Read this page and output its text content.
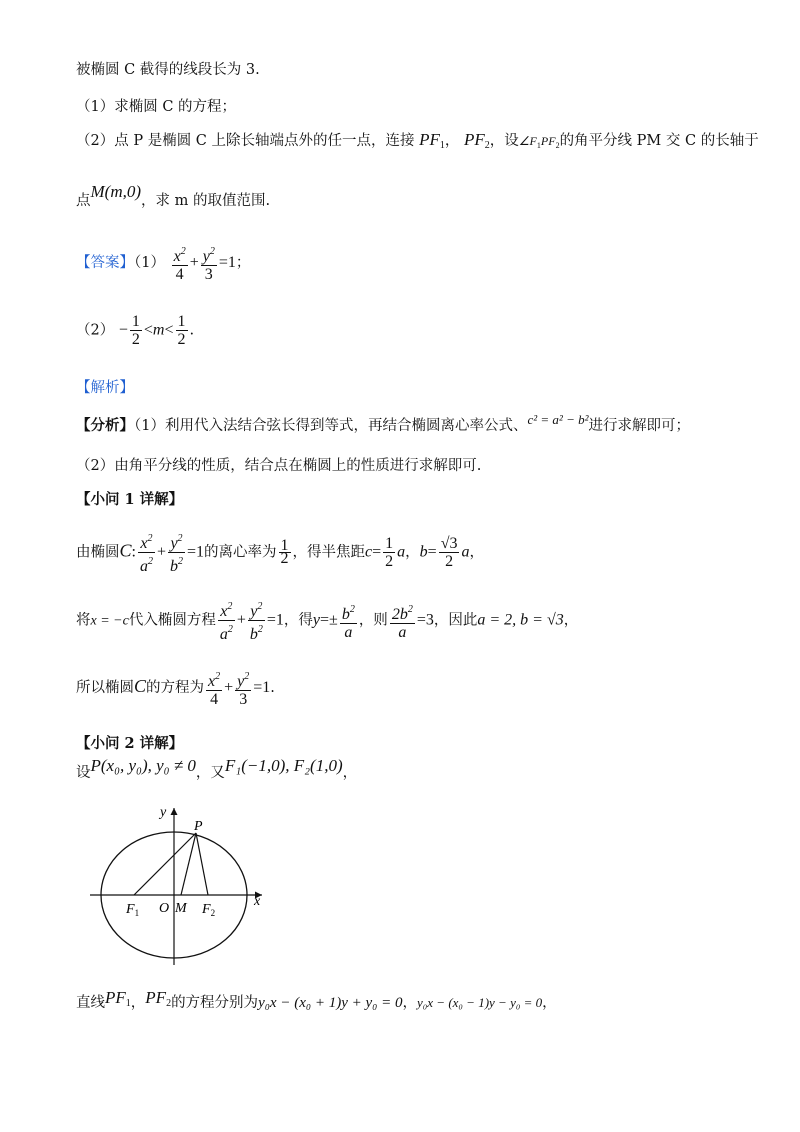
被椭圆 C 截得的线段长为 3.
（1）求椭圆 C 的方程；
（2）点 P 是椭圆 C 上除长轴端点外的任一点，连接 $PF_1$， $PF_2$，设$\angle F_1PF_2$的角平分线 PM 交 C 的长轴于
点M(m,0)，求 m 的取值范围.
【答案】$(1) \frac{x^2}{4} + \frac{y^2}{3} =1$；
$(2) - \frac{1}{2} <m< \frac{1}{2}$ .
【解析】
【分析】（1）利用代入法结合弦长得到等式，再结合椭圆离心率公式、c² = a² − b²进行求解即可；
（2）由角平分线的性质，结合点在椭圆上的性质进行求解即可.
【小问 1 详解】
由椭圆C: $\frac{x^2}{a^2} + \frac{y^2}{b^2} =1$的离心率为 $\frac{1}{2}$ ，得半焦距$c= \frac{1}{2}$ a，$b= \frac{√3}{2}$ a，
将x = −c代入椭圆方程 $\frac{x^2}{a^2} + \frac{y^2}{b^2} =1$，得$y=\pm \frac{b^2}{a}$ ，则 $\frac{2b^2}{a} =3$，因此a = 2, b = √3，
所以椭圆C的方程为 $\frac{x^2}{4} + \frac{y^2}{3} =1$.
【小问 2 详解】
设P(x₀, y₀), y₀ ≠ 0，又F₁(−1,0), F₂(1,0)，
y
x
P
$F_1$ O M $F_2$
直线$PF_1$，$PF_2$的方程分别为y₀x − (x₀ + 1)y + y₀ = 0，y₀x − (x₀ − 1)y − y₀ = 0，
